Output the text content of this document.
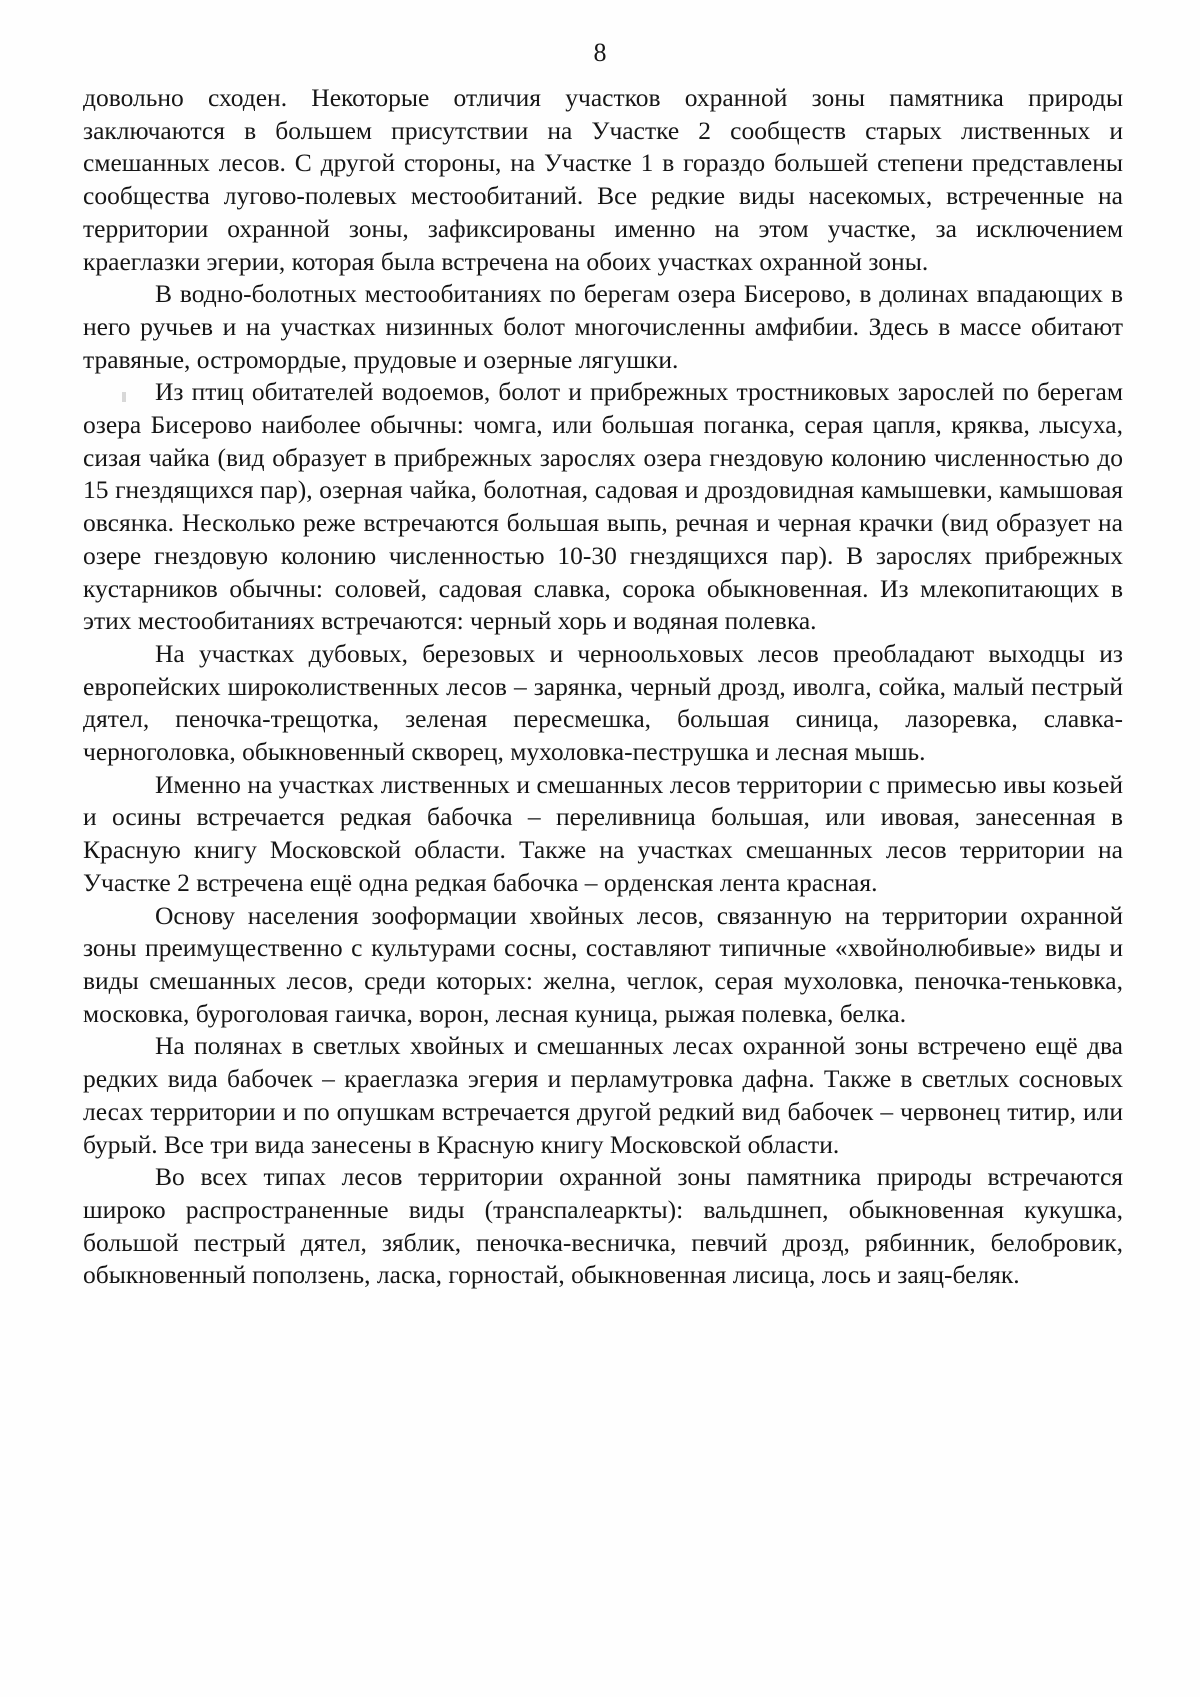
8

довольно сходен. Некоторые отличия участков охранной зоны памятника природы заключаются в большем присутствии на Участке 2 сообществ старых лиственных и смешанных лесов. С другой стороны, на Участке 1 в гораздо большей степени представлены сообщества лугово-полевых местообитаний. Все редкие виды насекомых, встреченные на территории охранной зоны, зафиксированы именно на этом участке, за исключением краеглазки эгерии, которая была встречена на обоих участках охранной зоны.

В водно-болотных местообитаниях по берегам озера Бисерово, в долинах впадающих в него ручьев и на участках низинных болот многочисленны амфибии. Здесь в массе обитают травяные, остромордые, прудовые и озерные лягушки.

Из птиц обитателей водоемов, болот и прибрежных тростниковых зарослей по берегам озера Бисерово наиболее обычны: чомга, или большая поганка, серая цапля, кряква, лысуха, сизая чайка (вид образует в прибрежных зарослях озера гнездовую колонию численностью до 15 гнездящихся пар), озерная чайка, болотная, садовая и дроздовидная камышевки, камышовая овсянка. Несколько реже встречаются большая выпь, речная и черная крачки (вид образует на озере гнездовую колонию численностью 10-30 гнездящихся пар). В зарослях прибрежных кустарников обычны: соловей, садовая славка, сорока обыкновенная. Из млекопитающих в этих местообитаниях встречаются: черный хорь и водяная полевка.

На участках дубовых, березовых и черноольховых лесов преобладают выходцы из европейских широколиственных лесов – зарянка, черный дрозд, иволга, сойка, малый пестрый дятел, пеночка-трещотка, зеленая пересмешка, большая синица, лазоревка, славка-черноголовка, обыкновенный скворец, мухоловка-пеструшка и лесная мышь.

Именно на участках лиственных и смешанных лесов территории с примесью ивы козьей и осины встречается редкая бабочка – переливница большая, или ивовая, занесенная в Красную книгу Московской области. Также на участках смешанных лесов территории на Участке 2 встречена ещё одна редкая бабочка – орденская лента красная.

Основу населения зооформации хвойных лесов, связанную на территории охранной зоны преимущественно с культурами сосны, составляют типичные «хвойнолюбивые» виды и виды смешанных лесов, среди которых: желна, чеглок, серая мухоловка, пеночка-теньковка, московка, буроголовая гаичка, ворон, лесная куница, рыжая полевка, белка.

На полянах в светлых хвойных и смешанных лесах охранной зоны встречено ещё два редких вида бабочек – краеглазка эгерия и перламутровка дафна. Также в светлых сосновых лесах территории и по опушкам встречается другой редкий вид бабочек – червонец титир, или бурый. Все три вида занесены в Красную книгу Московской области.

Во всех типах лесов территории охранной зоны памятника природы встречаются широко распространенные виды (транспалеаркты): вальдшнеп, обыкновенная кукушка, большой пестрый дятел, зяблик, пеночка-весничка, певчий дрозд, рябинник, белобровик, обыкновенный поползень, ласка, горностай, обыкновенная лисица, лось и заяц-беляк.
